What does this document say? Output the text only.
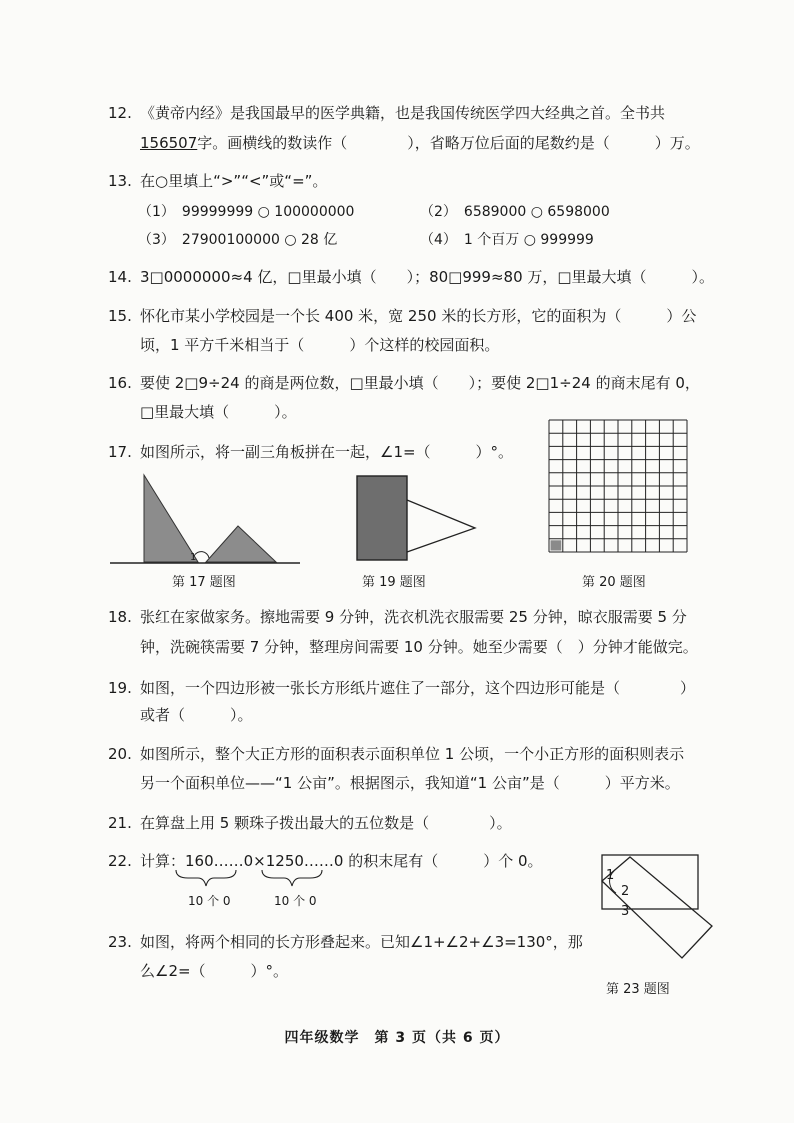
12. 《黄帝内经》是我国最早的医学典籍，也是我国传统医学四大经典之首。全书共
156507字。画横线的数读作（　　　　），省略万位后面的尾数约是（　　　）万。
13. 在○里填上“>”“<”或“=”。
（1）　99999999 ○ 100000000	（2）　6589000 ○ 6598000
（3）　27900100000 ○ 28 亿	（4）　1 个百万 ○ 999999
14. 3□0000000≈4 亿，□里最小填（　　）；80□999≈80 万，□里最大填（　　　）。
15. 怀化市某小学校园是一个长 400 米，宽 250 米的长方形，它的面积为（　　　）公
顷，1 平方千米相当于（　　　）个这样的校园面积。
16. 要使 2□9÷24 的商是两位数，□里最小填（　　）；要使 2□1÷24 的商末尾有 0，
□里最大填（　　　）。
17. 如图所示，将一副三角板拼在一起，∠1=（　　　）°。
1
第 17 题图	第 19 题图	第 20 题图
18. 张红在家做家务。擦地需要 9 分钟，洗衣机洗衣服需要 25 分钟，晾衣服需要 5 分
钟，洗碗筷需要 7 分钟，整理房间需要 10 分钟。她至少需要（　）分钟才能做完。
19. 如图，一个四边形被一张长方形纸片遮住了一部分，这个四边形可能是（　　　　）
或者（　　　）。
20. 如图所示，整个大正方形的面积表示面积单位 1 公顷，一个小正方形的面积则表示
另一个面积单位——“1 公亩”。根据图示，我知道“1 公亩”是（　　　）平方米。
21. 在算盘上用 5 颗珠子拨出最大的五位数是（　　　　）。
22. 计算：160……0×1250……0 的积末尾有（　　　）个 0。
10 个 0	10 个 0
23. 如图，将两个相同的长方形叠起来。已知∠1+∠2+∠3=130°，那
么∠2=（　　　）°。
1
2
3
第 23 题图
四年级数学　第 3 页（共 6 页）
